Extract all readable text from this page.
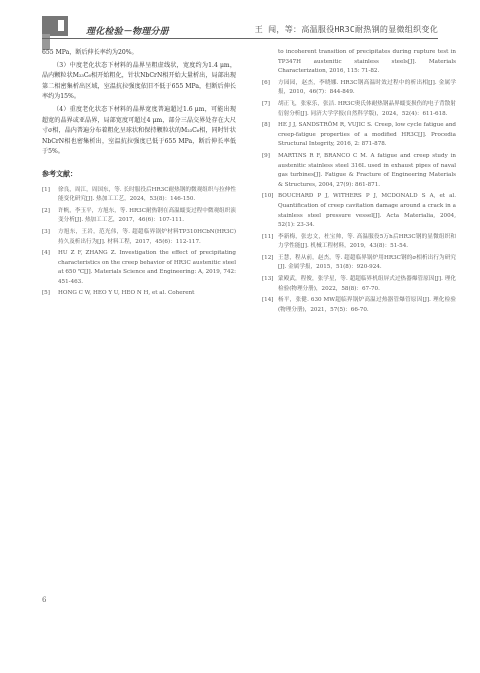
理化检验－物理分册	王 闯，等：高温服役HR3C耐热钢的显微组织变化

655 MPa，断后伸长率约为20%。

（3）中度老化状态下材料的晶界呈粗虚线状，宽度约为1.4 μm，晶内颗粒状M₂₃C₆相开始粗化，针状NbCrN相开始大量析出，局部出现第二相密集析出区域，室温抗拉强度依旧不低于655 MPa，但断后伸长率约为15%。

（4）重度老化状态下材料的晶界宽度普遍超过1.6 μm，可能出现超宽的晶界或亚晶界，局部宽度可超过4 μm，部分三晶交界处存在大尺寸σ相，晶内普遍分布着粗化呈球状和保持颗粒状的M₂₃C₆相，同时针状NbCrN相也密集析出，室温抗拉强度已低于655 MPa，断后伸长率低于5%。

参考文献：
[1]	徐良，周江，周国东，等. 长时服役后HR3C耐热钢的微观组织与拉伸性能变化研究[J]. 热加工工艺，2024，53(8)：146-150.
[2]	许帆，李玉平，方旭东，等. HR3C耐热钢在高温蠕变过程中微观组织演变分析[J]. 热加工工艺，2017，46(6)：107-111.
[3]	方旭东，王岩，范光伟，等. 超超临界锅炉材料TP310HCbN(HR3C)持久及析出行为[J]. 材料工程，2017，45(6)：112-117.
[4]	HU Z F, ZHANG Z. Investigation the effect of precipitating characteristics on the creep behavior of HR3C austenitic steel at 650 ℃[J]. Materials Science and Engineering: A, 2019, 742: 451-463.
[5]	HONG C W, HEO Y U, HEO N H, et al. Coherent
to incoherent transition of precipitates during rupture test in TP347H austenitic stainless steels[J]. Materials Characterization, 2016, 115: 71-82.
[6]	方园园，赵杰，李晓娜. HR3C钢高温时效过程中的析出相[J]. 金属学报，2010，46(7)：844-849.
[7]	胡正飞，张家乐，张洁. HR3C奥氏体耐热钢晶界蠕变损伤的电子背散射衍射分析[J]. 同济大学学报(自然科学版)，2024，52(4)：611-618.
[8]	HE J J, SANDSTRÖM R, VUJIC S. Creep, low cycle fatigue and creep-fatigue properties of a modified HR3C[J]. Procedia Structural Integrity, 2016, 2: 871-878.
[9]	MARTINS R F, BRANCO C M. A fatigue and creep study in austenitic stainless steel 316L used in exhaust pipes of naval gas turbines[J]. Fatigue & Fracture of Engineering Materials & Structures, 2004, 27(9): 861-871.
[10] BOUCHARD P J, WITHERS P J, MCDONALD S A, et al. Quantification of creep cavitation damage around a crack in a stainless steel pressure vessel[J]. Acta Materialia, 2004, 52(1): 23-34.
[11] 李新梅，张忠文，杜宝帅，等. 高温服役5万h后HR3C钢的显微组织和力学性能[J]. 机械工程材料，2019，43(8)：51-54.
[12] 王慧，程从前，赵杰，等. 超超临界锅炉用HR3C钢的σ相析出行为研究[J]. 金属学报，2015，51(8)：920-924.
[13] 蒙殿武，程俊，张学星，等. 超超临界机组屏式过热器爆管原因[J]. 理化检验(物理分册)，2022，58(8)：67-70.
[14] 杨平，张健. 630 MW超临界锅炉高温过热器管爆管原因[J]. 理化检验(物理分册)，2021，57(5)：66-70.
6
